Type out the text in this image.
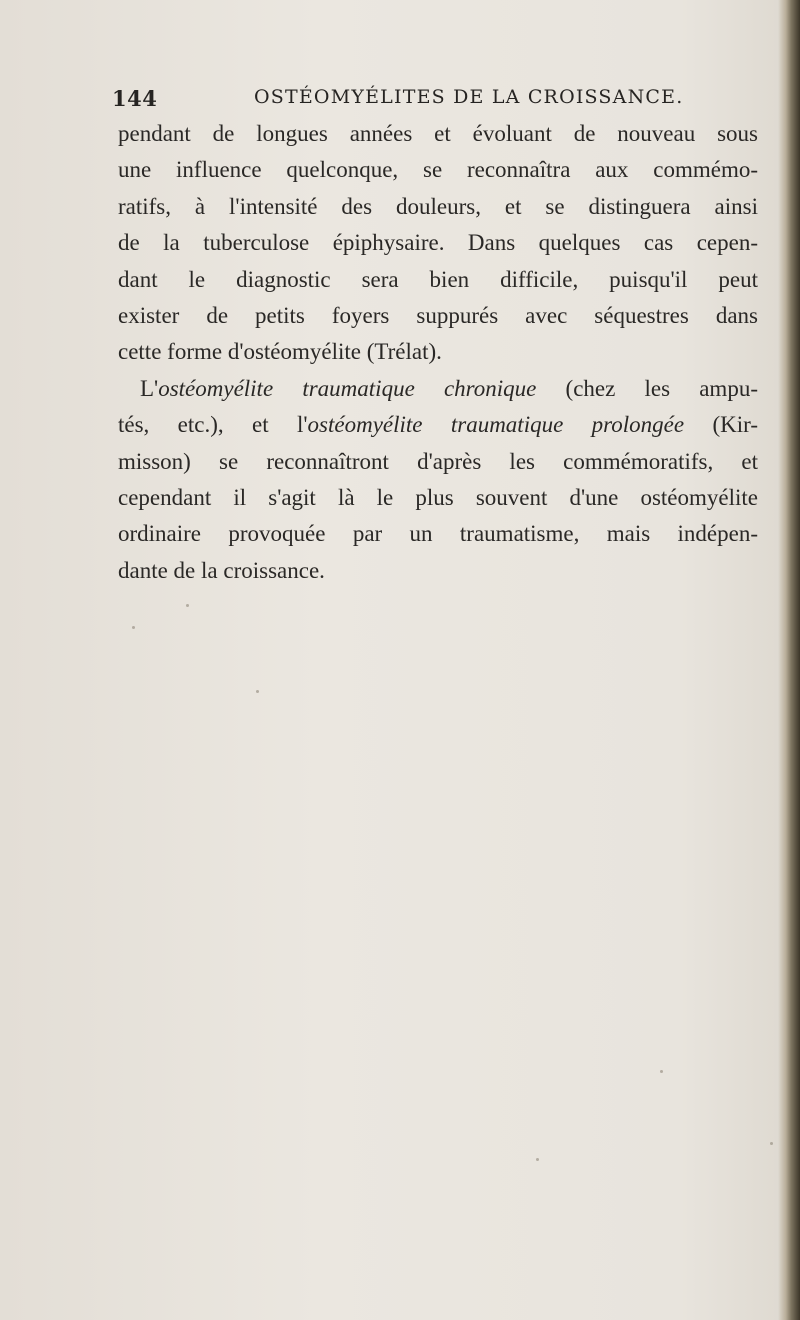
144	OSTÉOMYÉLITES DE LA CROISSANCE.
pendant de longues années et évoluant de nouveau sous
une influence quelconque, se reconnaîtra aux commémo-
ratifs, à l'intensité des douleurs, et se distinguera ainsi
de la tuberculose épiphysaire. Dans quelques cas cepen-
dant le diagnostic sera bien difficile, puisqu'il peut
exister de petits foyers suppurés avec séquestres dans
cette forme d'ostéomyélite (Trélat).
L'ostéomyélite traumatique chronique (chez les ampu-
tés, etc.), et l'ostéomyélite traumatique prolongée (Kir-
misson) se reconnaîtront d'après les commémoratifs, et
cependant il s'agit là le plus souvent d'une ostéomyélite
ordinaire provoquée par un traumatisme, mais indépen-
dante de la croissance.
